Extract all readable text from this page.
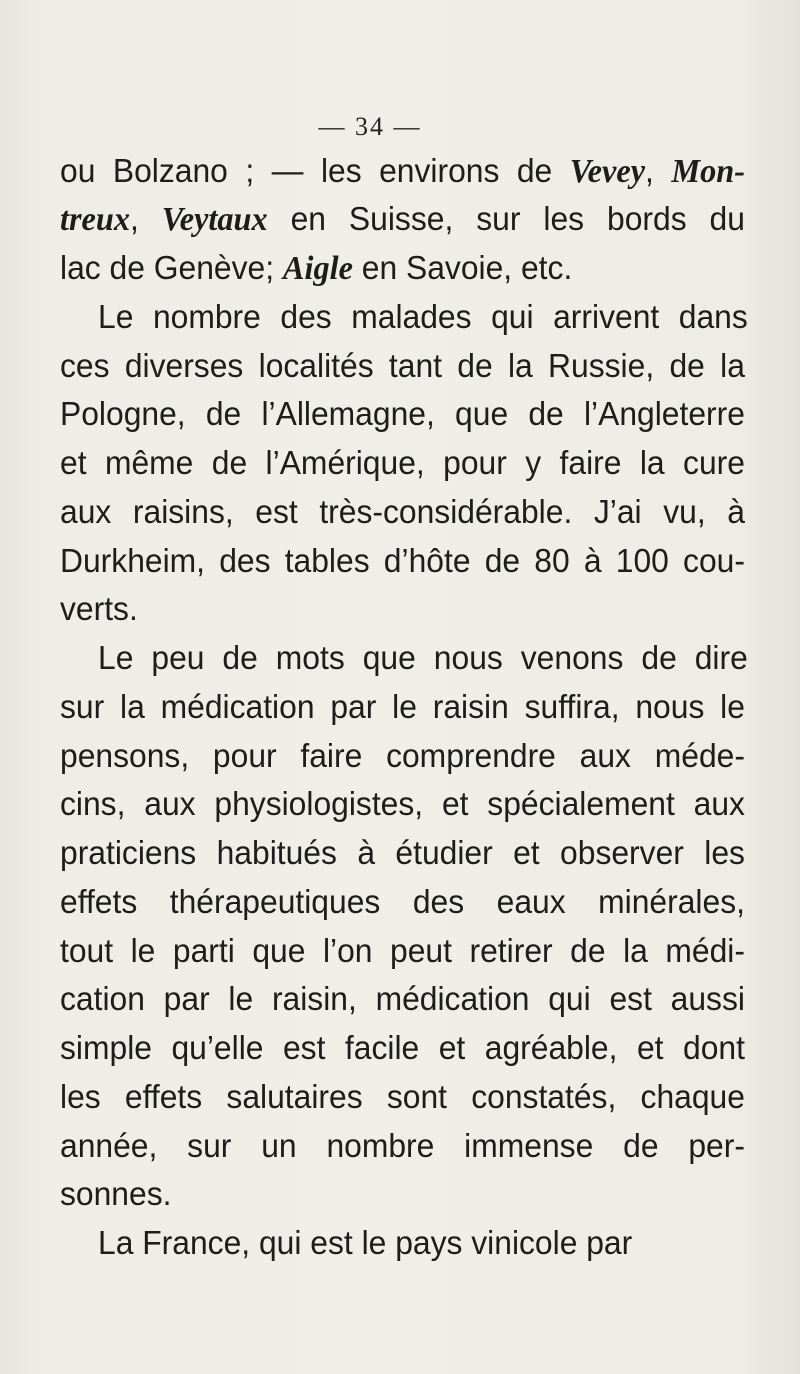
— 34 —
ou Bolzano ; — les environs de Vevey, Mon-
treux, Veytaux en Suisse, sur les bords du
lac de Genève; Aigle en Savoie, etc.
Le nombre des malades qui arrivent dans
ces diverses localités tant de la Russie, de la
Pologne, de l’Allemagne, que de l’Angleterre
et même de l’Amérique, pour y faire la cure
aux raisins, est très-considérable. J’ai vu, à
Durkheim, des tables d’hôte de 80 à 100 cou-
verts.
Le peu de mots que nous venons de dire
sur la médication par le raisin suffira, nous le
pensons, pour faire comprendre aux méde-
cins, aux physiologistes, et spécialement aux
praticiens habitués à étudier et observer les
effets thérapeutiques des eaux minérales,
tout le parti que l’on peut retirer de la médi-
cation par le raisin, médication qui est aussi
simple qu’elle est facile et agréable, et dont
les effets salutaires sont constatés, chaque
année, sur un nombre immense de per-
sonnes.
La France, qui est le pays vinicole par
